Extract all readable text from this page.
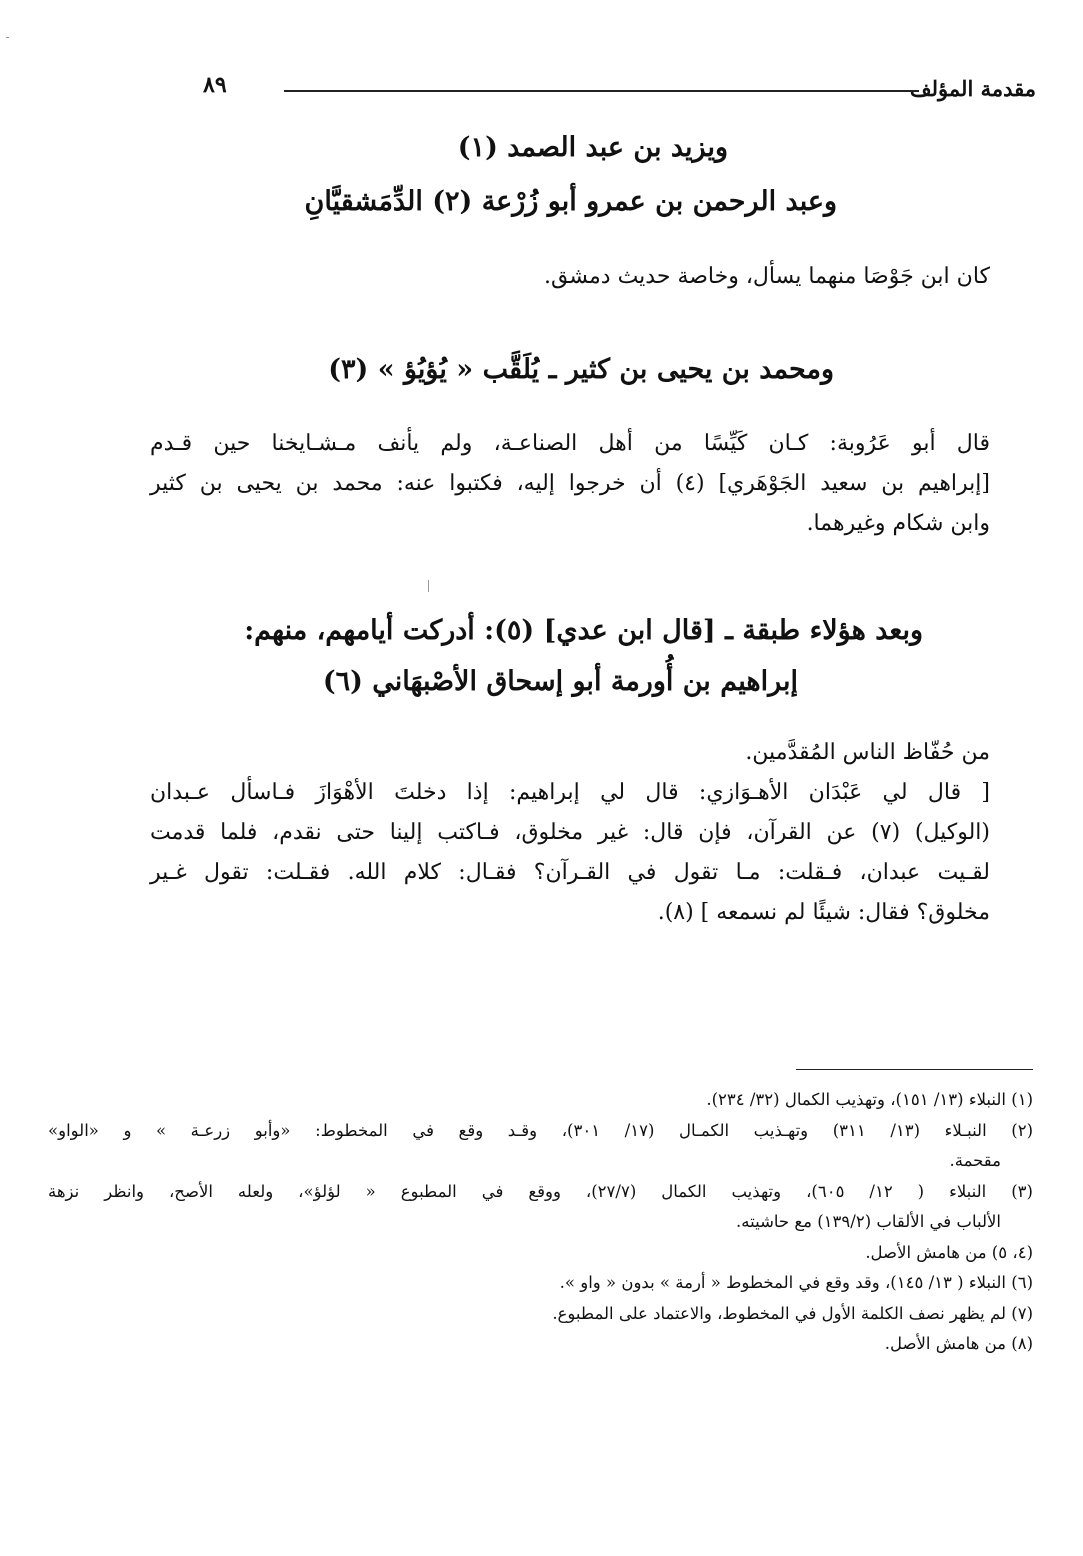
ـ
مقدمة المؤلف
٨٩
ويزيد بن عبد الصمد (١)
وعبد الرحمن بن عمرو أبو زُرْعة (٢) الدِّمَشقيَّانِ
كان ابن جَوْصَا منهما يسأل، وخاصة حديث دمشق.
ومحمد بن يحيى بن كثير ـ يُلَقَّب « يُؤيُؤ » (٣)
قال أبو عَرُوبة: كـان كَيِّسًا من أهل الصناعـة، ولم يأنف مـشـايخنا حين قـدم
[إبراهيم بن سعيد الجَوْهَري] (٤) أن خرجوا إليه، فكتبوا عنه: محمد بن يحيى بن كثير
وابن شكام وغيرهما.
وبعد هؤلاء طبقة ـ [قال ابن عدي] (٥): أدركت أيامهم، منهم:
إبراهيم بن أُورمة أبو إسحاق الأصْبهَاني (٦)
من حُفّاظ الناس المُقدَّمين.
[ قال لي عَبْدَان الأهـوَازي: قال لي إبراهيم: إذا دخلتَ الأهْوَازَ فـاسأل عـبدان
(الوكيل) (٧) عن القرآن، فإن قال: غير مخلوق، فـاكتب إلينا حتى نقدم، فلما قدمت
لقـيت عبدان، فـقلت: مـا تقول في القـرآن؟ فقـال: كلام الله. فقـلت: تقول غـير
مخلوق؟ فقال: شيئًا لم نسمعه ] (٨).
(١) النبلاء (١٣/ ١٥١)، وتهذيب الكمال (٣٢/ ٢٣٤).
(٢) النبـلاء (١٣/ ٣١١) وتهـذيب الكمـال (١٧/ ٣٠١)، وقـد وقع في المخطوط: «وأبو زرعـة » و «الواو»
مقحمة.
(٣) النبلاء ( ١٢/ ٦٠٥)، وتهذيب الكمال (٢٧/٧)، ووقع في المطبوع « لؤلؤ»، ولعله الأصح، وانظر نزهة
الألباب في الألقاب (١٣٩/٢) مع حاشيته.
(٤، ٥) من هامش الأصل.
(٦) النبلاء ( ١٣/ ١٤٥)، وقد وقع في المخطوط « أرمة » بدون « واو ».
(٧) لم يظهر نصف الكلمة الأول في المخطوط، والاعتماد على المطبوع.
(٨) من هامش الأصل.
